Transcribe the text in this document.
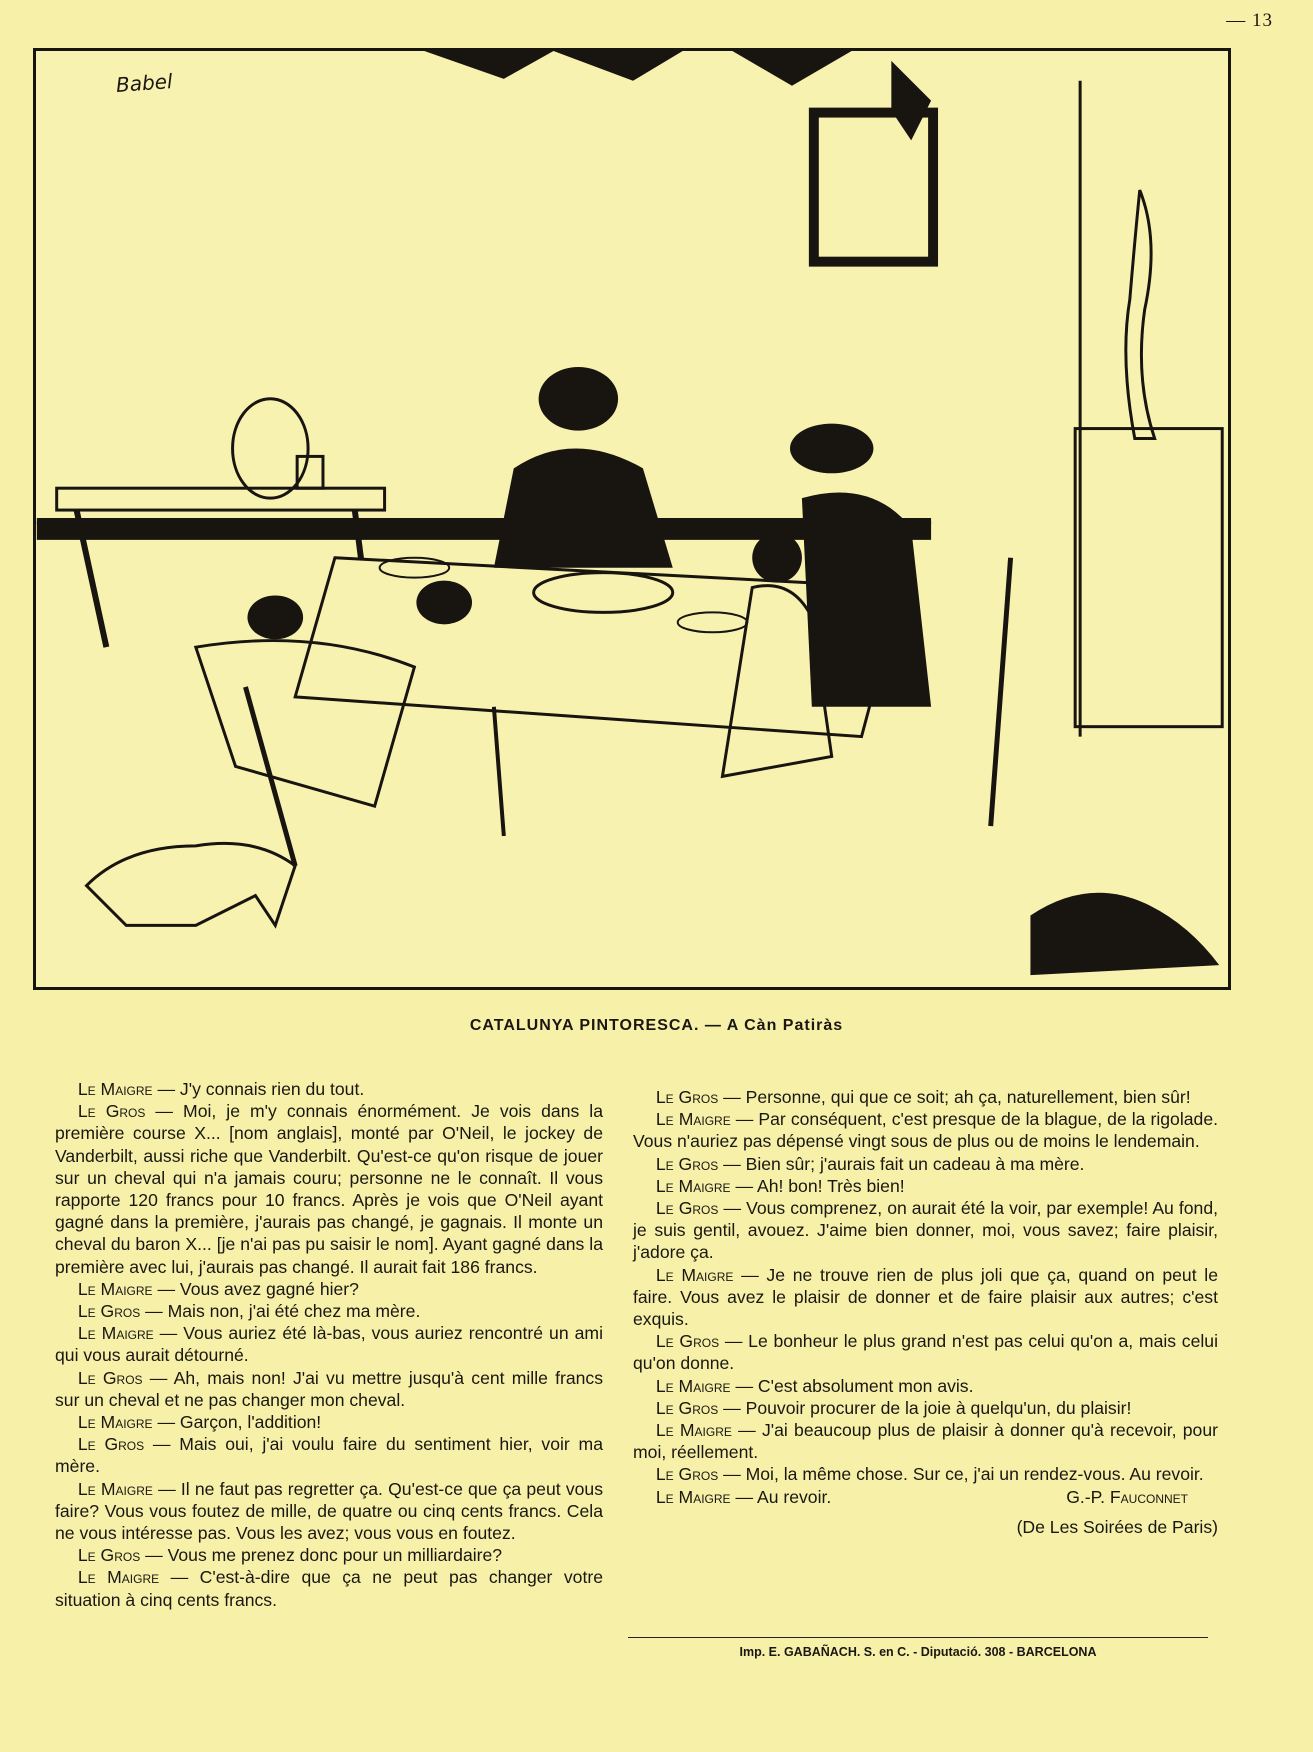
— 13
Babel
CATALUNYA PINTORESCA. — A Càn Patiràs

Le Maigre — J'y connais rien du tout.

Le Gros — Moi, je m'y connais énormément. Je vois dans la première course X... [nom anglais], monté par O'Neil, le jockey de Vanderbilt, aussi riche que Vanderbilt. Qu'est-ce qu'on risque de jouer sur un cheval qui n'a jamais couru; personne ne le connaît. Il vous rapporte 120 francs pour 10 francs. Après je vois que O'Neil ayant gagné dans la première, j'aurais pas changé, je gagnais. Il monte un cheval du baron X... [je n'ai pas pu saisir le nom]. Ayant gagné dans la première avec lui, j'aurais pas changé. Il aurait fait 186 francs.

Le Maigre — Vous avez gagné hier?

Le Gros — Mais non, j'ai été chez ma mère.

Le Maigre — Vous auriez été là-bas, vous auriez rencontré un ami qui vous aurait détourné.

Le Gros — Ah, mais non! J'ai vu mettre jusqu'à cent mille francs sur un cheval et ne pas changer mon cheval.

Le Maigre — Garçon, l'addition!

Le Gros — Mais oui, j'ai voulu faire du sentiment hier, voir ma mère.

Le Maigre — Il ne faut pas regretter ça. Qu'est-ce que ça peut vous faire? Vous vous foutez de mille, de quatre ou cinq cents francs. Cela ne vous intéresse pas. Vous les avez; vous vous en foutez.

Le Gros — Vous me prenez donc pour un milliardaire?

Le Maigre — C'est-à-dire que ça ne peut pas changer votre situation à cinq cents francs.

Le Gros — Personne, qui que ce soit; ah ça, naturellement, bien sûr!

Le Maigre — Par conséquent, c'est presque de la blague, de la rigolade. Vous n'auriez pas dépensé vingt sous de plus ou de moins le lendemain.

Le Gros — Bien sûr; j'aurais fait un cadeau à ma mère.

Le Maigre — Ah! bon! Très bien!

Le Gros — Vous comprenez, on aurait été la voir, par exemple! Au fond, je suis gentil, avouez. J'aime bien donner, moi, vous savez; faire plaisir, j'adore ça.

Le Maigre — Je ne trouve rien de plus joli que ça, quand on peut le faire. Vous avez le plaisir de donner et de faire plaisir aux autres; c'est exquis.

Le Gros — Le bonheur le plus grand n'est pas celui qu'on a, mais celui qu'on donne.

Le Maigre — C'est absolument mon avis.

Le Gros — Pouvoir procurer de la joie à quelqu'un, du plaisir!

Le Maigre — J'ai beaucoup plus de plaisir à donner qu'à recevoir, pour moi, réellement.

Le Gros — Moi, la même chose. Sur ce, j'ai un rendez-vous. Au revoir.

Le Maigre — Au revoir.	G.-P. Fauconnet
(De Les Soirées de Paris)
Imp. E. GABAÑACH. S. en C. - Diputació. 308 - BARCELONA
